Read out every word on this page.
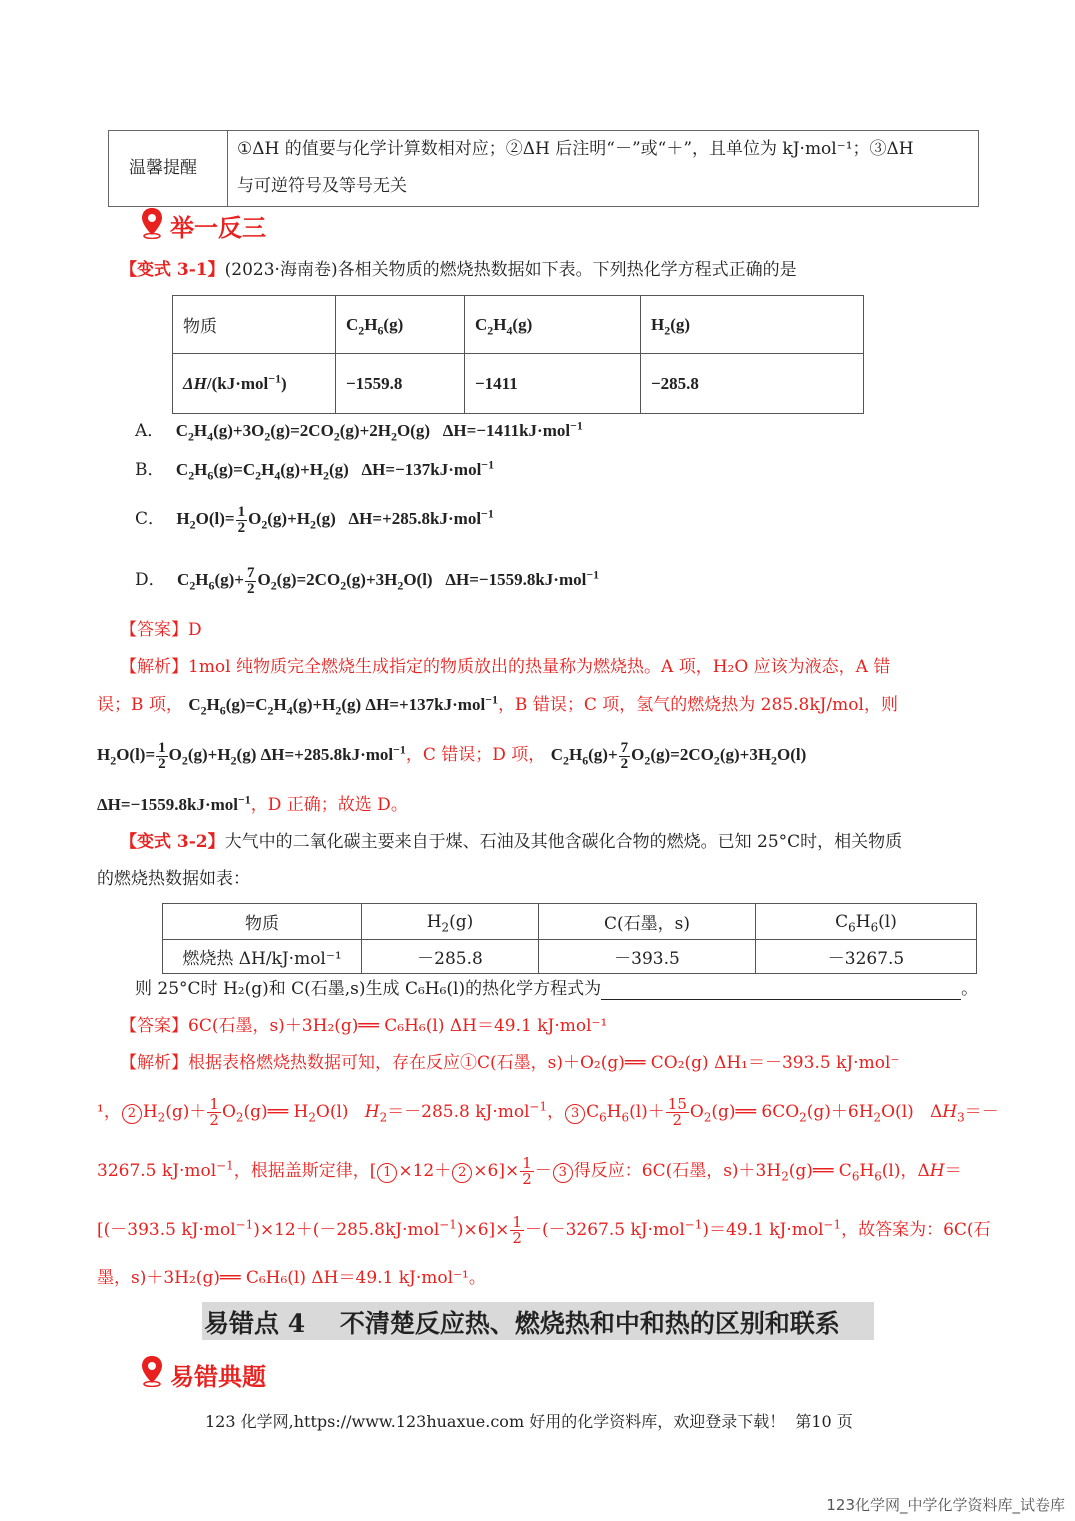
温馨提醒
①ΔH 的值要与化学计算数相对应；②ΔH 后注明“－”或“＋”，且单位为 kJ·mol⁻¹；③ΔH
与可逆符号及等号无关
举一反三
【变式 3-1】(2023·海南卷)各相关物质的燃烧热数据如下表。下列热化学方程式正确的是
物质	$C_2H_6(g)$	$C_2H_4(g)$	$H_2(g)$
ΔH/(kJ·mol$^{-1}$)	−1559.8	−1411	−285.8
A． $C_2H_4(g)+3O_2(g)=2CO_2(g)+2H_2O(g)$   ΔH=−1411kJ·mol$^{-1}$
B． $C_2H_6(g)=C_2H_4(g)+H_2(g)$   ΔH=−137kJ·mol$^{-1}$
C． $H_2O(l)= \frac{1}{2} O_2(g)+H_2(g)$   ΔH=+285.8kJ·mol$^{-1}$
D． $C_2H_6(g)+ \frac{7}{2} O_2(g)=2CO_2(g)+3H_2O(l)$   ΔH=−1559.8kJ·mol$^{-1}$
【答案】D
【解析】1mol 纯物质完全燃烧生成指定的物质放出的热量称为燃烧热。A 项，H₂O 应该为液态，A 错
误；B 项， $C_2H_6(g)=C_2H_4(g)+H_2(g)$ ΔH=+137kJ·mol$^{-1}$，B 错误；C 项，氢气的燃烧热为 285.8kJ/mol，则
$H_2O(l)= \frac{1}{2} O_2(g)+H_2(g)$ ΔH=+285.8kJ·mol$^{-1}$，C 错误；D 项， $C_2H_6(g)+ \frac{7}{2} O_2(g)=2CO_2(g)+3H_2O(l)$
ΔH=−1559.8kJ·mol$^{-1}$，D 正确；故选 D。
【变式 3-2】大气中的二氧化碳主要来自于煤、石油及其他含碳化合物的燃烧。已知 25°C时，相关物质
的燃烧热数据如表：
物质	$H_2(g)$	C(石墨，s)	$C_6H_6(l)$
燃烧热 ΔH/kJ·mol⁻¹	－285.8	－393.5	－3267.5
则 25°C时 H₂(g)和 C(石墨,s)生成 C₆H₆(l)的热化学方程式为	。
【答案】6C(石墨，s)＋3H₂(g)══ C₆H₆(l) ΔH＝49.1 kJ·mol⁻¹
【解析】根据表格燃烧热数据可知，存在反应①C(石墨，s)＋O₂(g)══ CO₂(g) ΔH₁＝－393.5 kJ·mol⁻
¹， 2 $H_2(g)+ \frac{1}{2}$ $O_2(g)══$ $H_2O(l)$   $H_2=-285.8$ kJ·mol$^{-1}$， 3 $C_6H_6(l)+ \frac{15}{2}$ $O_2(g)══$ $6CO_2(g)+6H_2O(l)$   $\Delta H_3=-$
3267.5 kJ·mol$^{-1}$，根据盖斯定律，[ $1 \times 12+ 2 \times 6]\times \frac{1}{2} - 3$ 得反应：6C(石墨，$s)+3H_2(g)══$ $C_6H_6(l)$，ΔH＝
[(－393.5 $kJ\cdot mol^{-1})\times 12+(-285.8kJ\cdot mol^{-1})\times 6]\times \frac{1}{2} -(-3267.5$ kJ·mol$^{-1}$)＝49.1 kJ·mol$^{-1}$，故答案为：6C(石
墨，s)＋3H₂(g)══ C₆H₆(l) ΔH＝49.1 kJ·mol⁻¹。
易错点 4    不清楚反应热、燃烧热和中和热的区别和联系
易错典题
123 化学网,https://www.123huaxue.com 好用的化学资料库，欢迎登录下载！  第10 页
123化学网_中学化学资料库_试卷库
